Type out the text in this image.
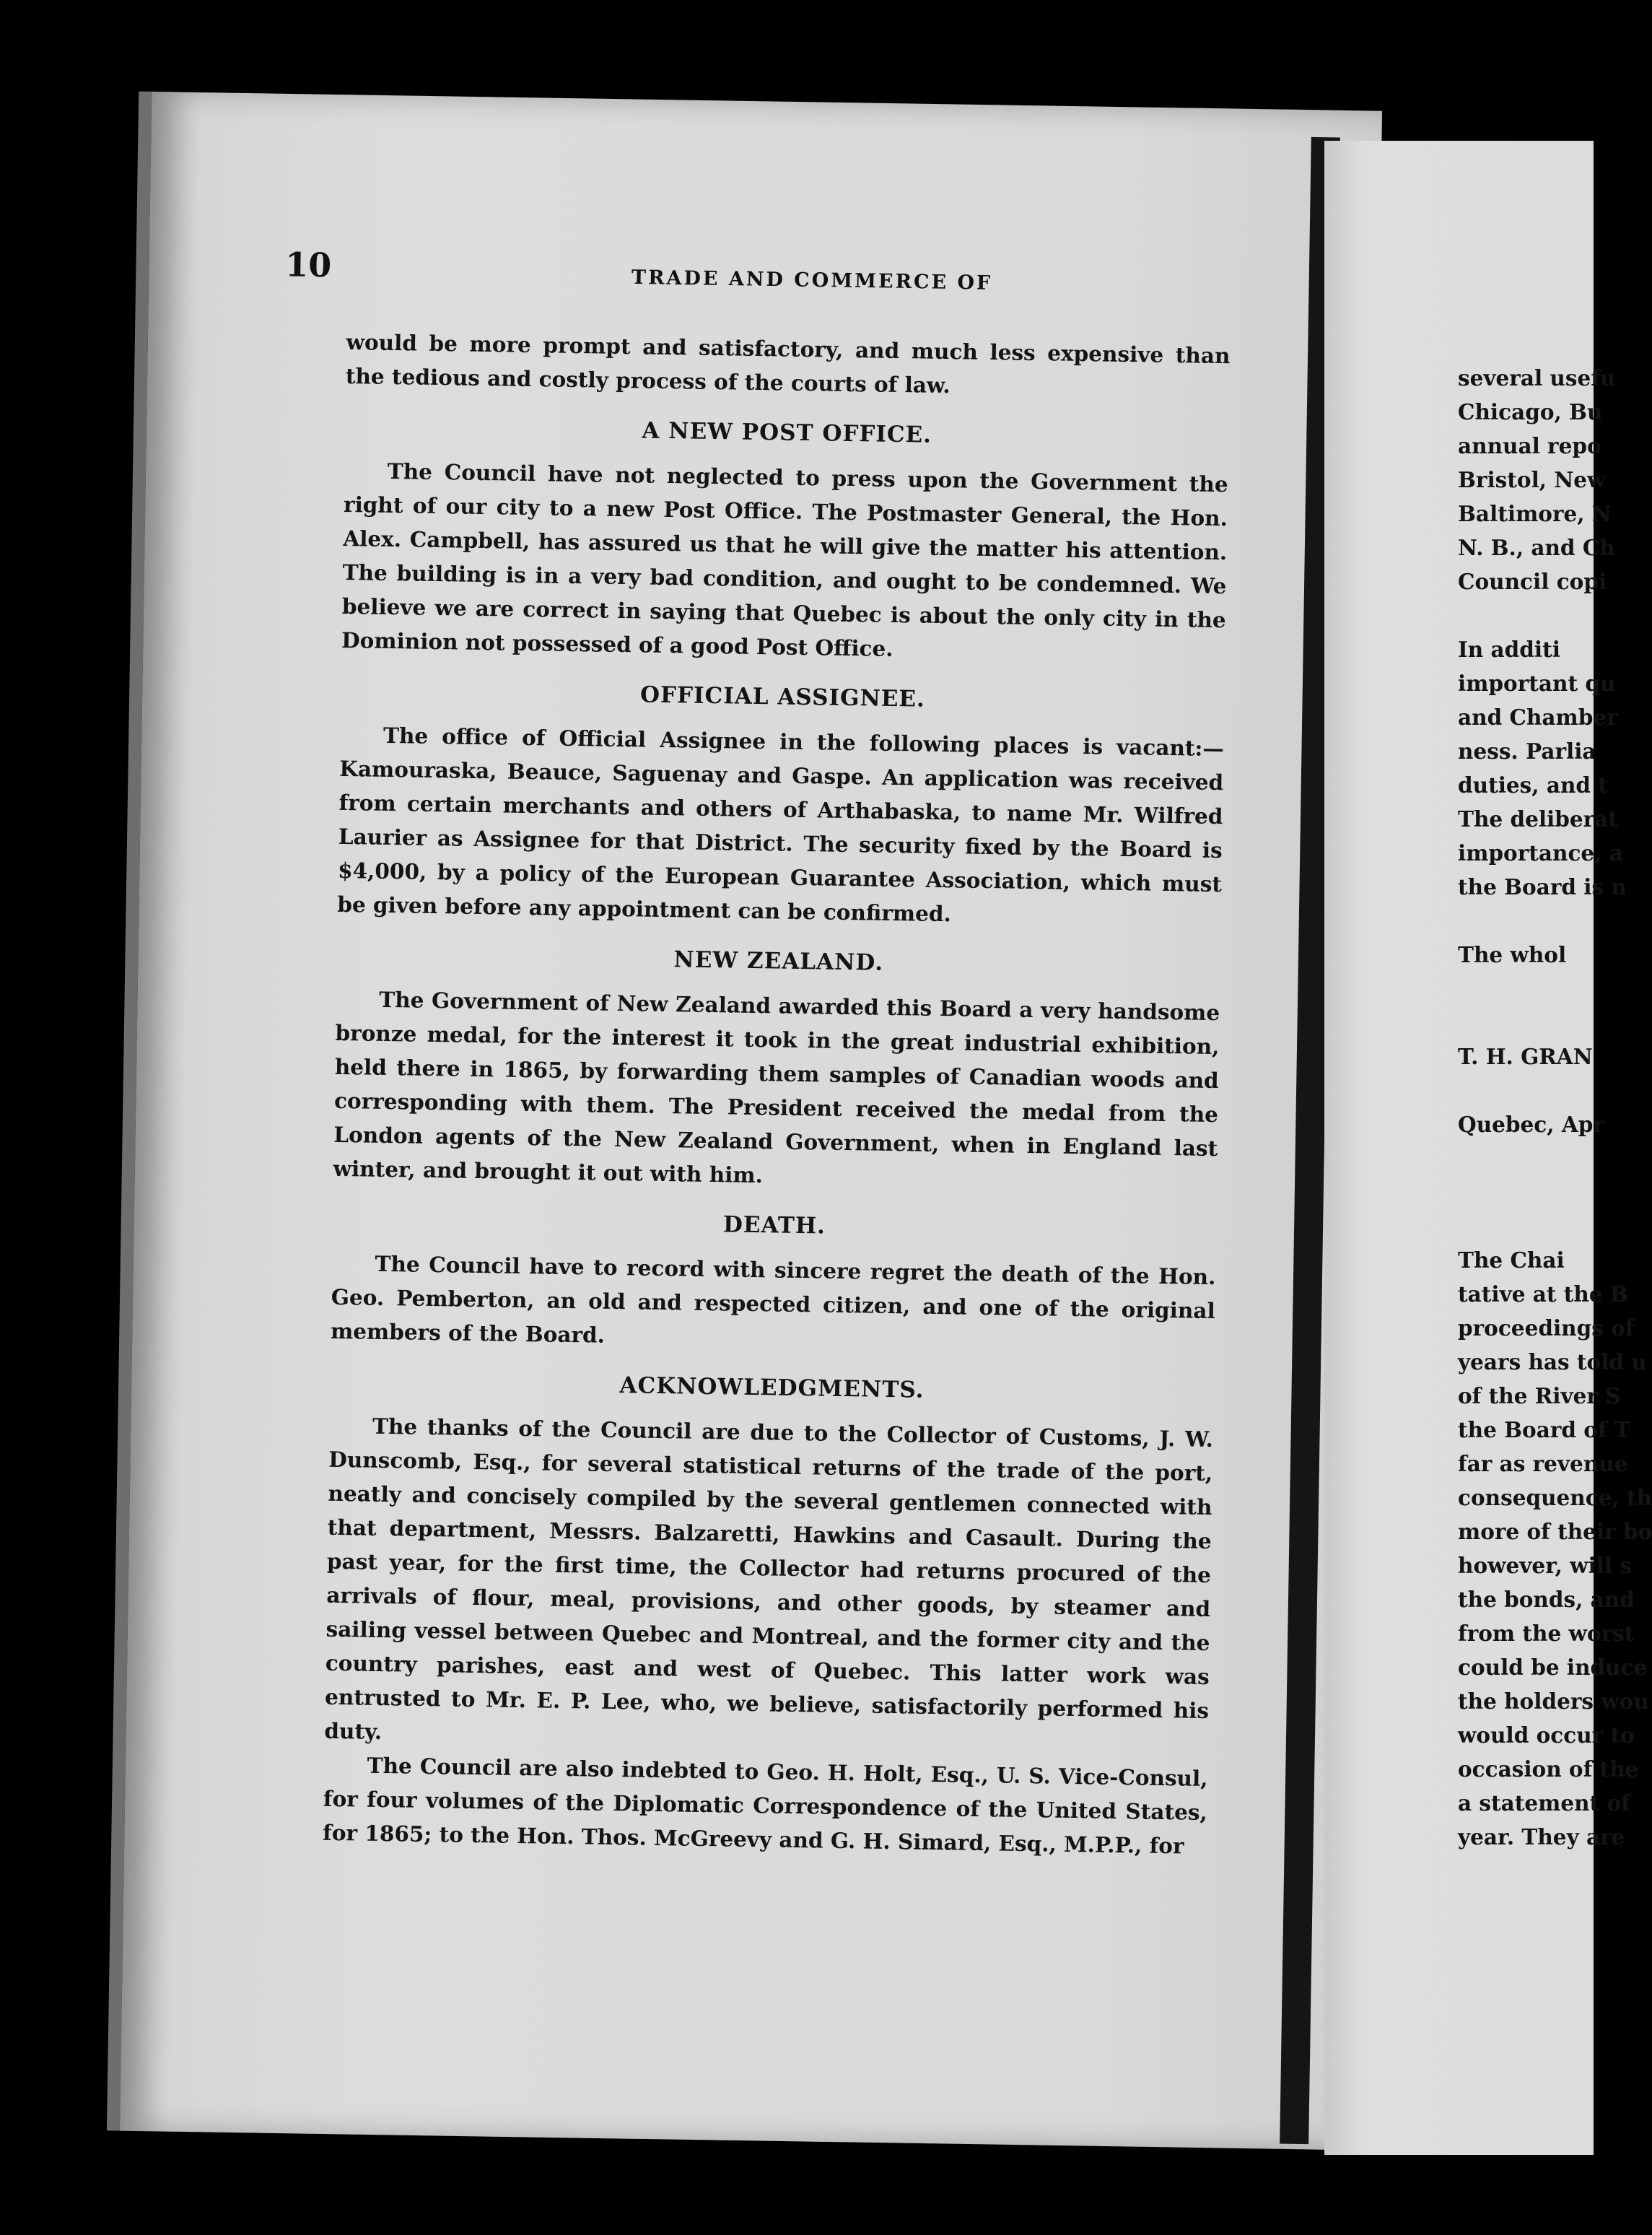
several usefu
Chicago, Bu
annual repo
Bristol, New
Baltimore, N
N. B., and Ch
Council copi
In additi
important qu
and Chamber
ness. Parlia
duties, and t
The deliberat
importance, a
the Board is n
The whol
T. H. GRAN
Quebec, Apr
The Chai
tative at the B
proceedings of
years has told u
of the River S
the Board of T
far as revenue
consequence, th
more of their bo
however, will s
the bonds, and
from the worst
could be induce
the holders wou
would occur to
occasion of the
a statement of
year. They are
10	TRADE AND COMMERCE OF

would be more prompt and satisfactory, and much less expensive than the tedious and costly process of the courts of law.

A NEW POST OFFICE.

The Council have not neglected to press upon the Government the right of our city to a new Post Office. The Postmaster General, the Hon. Alex. Campbell, has assured us that he will give the matter his attention. The building is in a very bad condition, and ought to be condemned. We believe we are correct in saying that Quebec is about the only city in the Dominion not possessed of a good Post Office.

OFFICIAL ASSIGNEE.

The office of Official Assignee in the following places is vacant:— Kamouraska, Beauce, Saguenay and Gaspe. An application was received from certain merchants and others of Arthabaska, to name Mr. Wilfred Laurier as Assignee for that District. The security fixed by the Board is $4,000, by a policy of the European Guarantee Association, which must be given before any appointment can be confirmed.

NEW ZEALAND.

The Government of New Zealand awarded this Board a very handsome bronze medal, for the interest it took in the great industrial exhibition, held there in 1865, by forwarding them samples of Canadian woods and corresponding with them. The President received the medal from the London agents of the New Zealand Government, when in England last winter, and brought it out with him.

DEATH.

The Council have to record with sincere regret the death of the Hon. Geo. Pemberton, an old and respected citizen, and one of the original members of the Board.

ACKNOWLEDGMENTS.

The thanks of the Council are due to the Collector of Customs, J. W. Dunscomb, Esq., for several statistical returns of the trade of the port, neatly and concisely compiled by the several gentlemen connected with that department, Messrs. Balzaretti, Hawkins and Casault. During the past year, for the first time, the Collector had returns procured of the arrivals of flour, meal, provisions, and other goods, by steamer and sailing vessel between Quebec and Montreal, and the former city and the country parishes, east and west of Quebec. This latter work was entrusted to Mr. E. P. Lee, who, we believe, satisfactorily performed his duty.

The Council are also indebted to Geo. H. Holt, Esq., U. S. Vice-Consul, for four volumes of the Diplomatic Correspondence of the United States, for 1865; to the Hon. Thos. McGreevy and G. H. Simard, Esq., M.P.P., for
